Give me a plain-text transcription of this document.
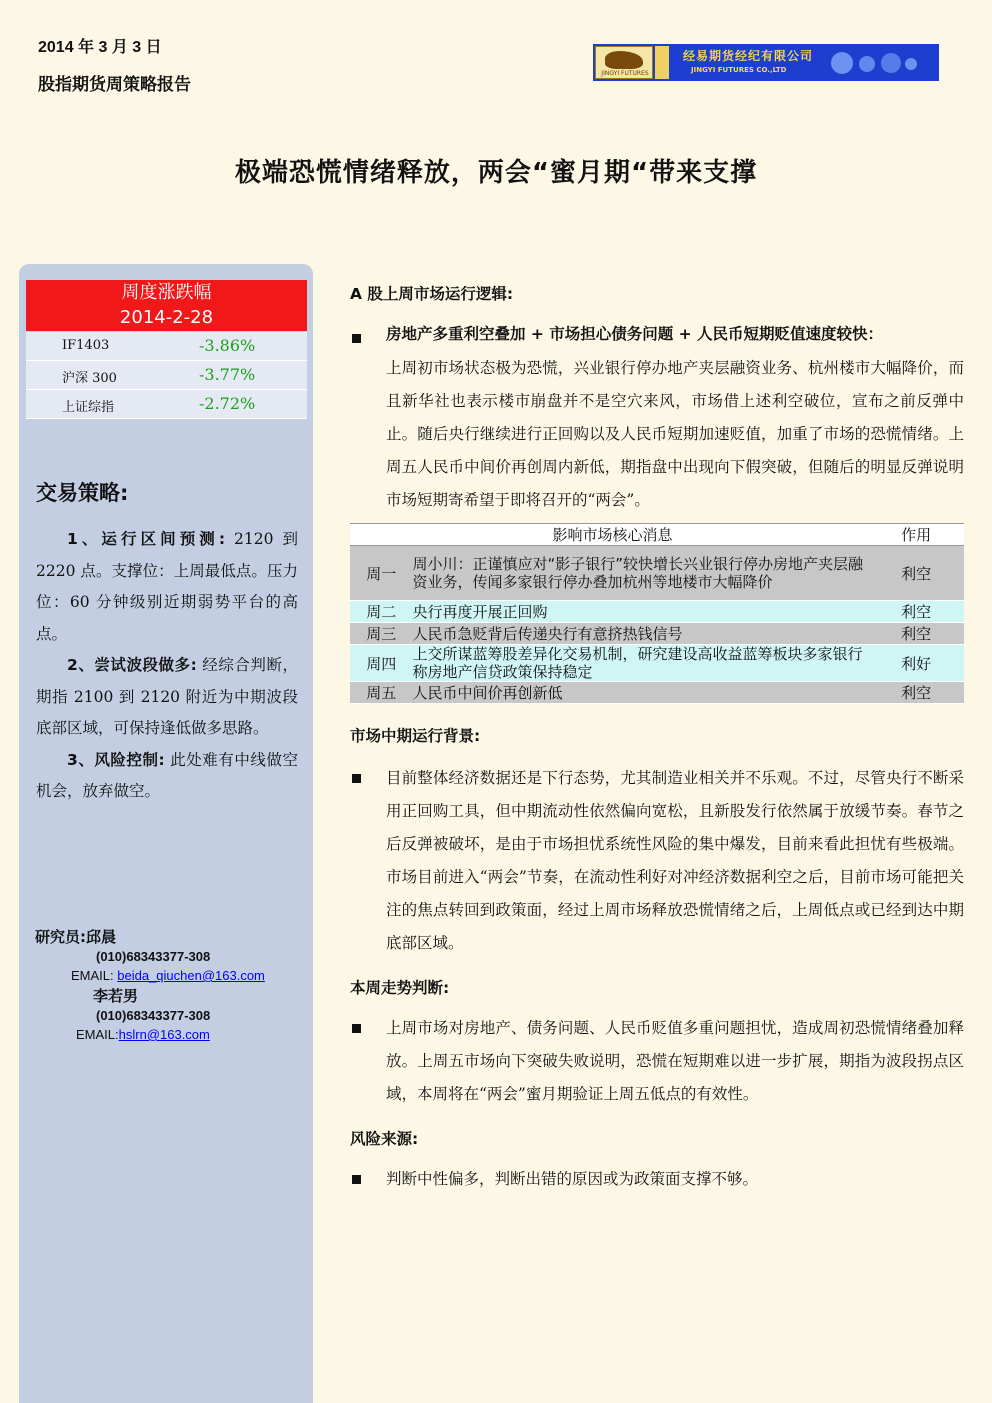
2014 年 3 月 3 日
股指期货周策略报告
JINGYI FUTURES
经易期货经纪有限公司
JINGYI FUTURES CO.,LTD
极端恐慌情绪释放，两会“蜜月期“带来支撑
周度涨跌幅
2014-2-28
IF1403	-3.86%
沪深 300	-3.77%
上证综指	-2.72%
交易策略:

1、运行区间预测: 2120 到 2220 点。支撑位：上周最低点。压力位：60 分钟级别近期弱势平台的高点。

2、尝试波段做多: 经综合判断，期指 2100 到 2120 附近为中期波段底部区域，可保持逢低做多思路。

3、风险控制: 此处难有中线做空机会，放弃做空。

研究员:邱晨
(010)68343377-308
EMAIL: beida_qiuchen@163.com
李若男
(010)68343377-308
EMAIL:hslrn@163.com
A 股上周市场运行逻辑:
房地产多重利空叠加 + 市场担心债务问题 + 人民币短期贬值速度较快：
上周初市场状态极为恐慌，兴业银行停办地产夹层融资业务、杭州楼市大幅降价，而且新华社也表示楼市崩盘并不是空穴来风，市场借上述利空破位，宣布之前反弹中止。随后央行继续进行正回购以及人民币短期加速贬值，加重了市场的恐慌情绪。上周五人民币中间价再创周内新低，期指盘中出现向下假突破，但随后的明显反弹说明市场短期寄希望于即将召开的“两会”。
	影响市场核心消息	作用
周一	周小川：正谨慎应对“影子银行”较快增长兴业银行停办房地产夹层融资业务，传闻多家银行停办叠加杭州等地楼市大幅降价	利空
周二	央行再度开展正回购	利空
周三	人民币急贬背后传递央行有意挤热钱信号	利空
周四	上交所谋蓝筹股差异化交易机制，研究建设高收益蓝筹板块多家银行称房地产信贷政策保持稳定	利好
周五	人民币中间价再创新低	利空
市场中期运行背景:
目前整体经济数据还是下行态势，尤其制造业相关并不乐观。不过，尽管央行不断采用正回购工具，但中期流动性依然偏向宽松，且新股发行依然属于放缓节奏。春节之后反弹被破坏，是由于市场担忧系统性风险的集中爆发，目前来看此担忧有些极端。市场目前进入“两会”节奏，在流动性利好对冲经济数据利空之后，目前市场可能把关注的焦点转回到政策面，经过上周市场释放恐慌情绪之后，上周低点或已经到达中期底部区域。
本周走势判断:
上周市场对房地产、债务问题、人民币贬值多重问题担忧，造成周初恐慌情绪叠加释放。上周五市场向下突破失败说明，恐慌在短期难以进一步扩展，期指为波段拐点区域，本周将在“两会”蜜月期验证上周五低点的有效性。
风险来源:
判断中性偏多，判断出错的原因或为政策面支撑不够。
